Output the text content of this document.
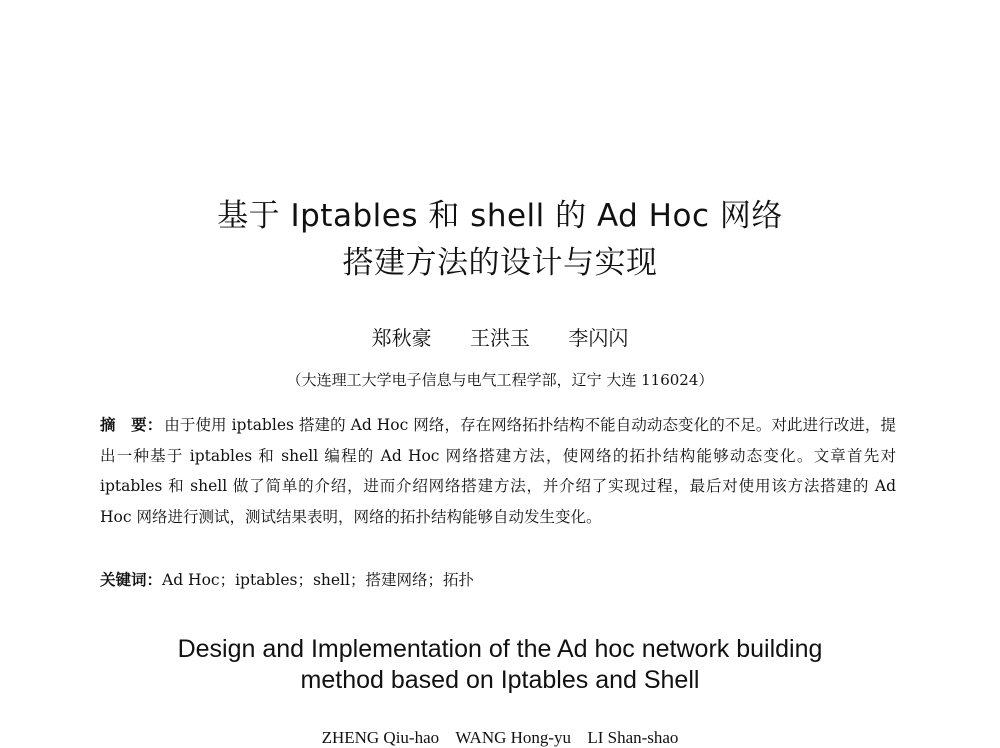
基于 Iptables 和 shell 的 Ad Hoc 网络
搭建方法的设计与实现
郑秋豪 王洪玉 李闪闪
（大连理工大学电子信息与电气工程学部，辽宁 大连 116024）
摘　要： 由于使用 iptables 搭建的 Ad Hoc 网络，存在网络拓扑结构不能自动动态变化的不足。对此进行改进，提出一种基于 iptables 和 shell 编程的 Ad Hoc 网络搭建方法，使网络的拓扑结构能够动态变化。文章首先对 iptables 和 shell 做了简单的介绍，进而介绍网络搭建方法，并介绍了实现过程，最后对使用该方法搭建的 Ad Hoc 网络进行测试，测试结果表明，网络的拓扑结构能够自动发生变化。
关键词：Ad Hoc；iptables；shell；搭建网络；拓扑
Design and Implementation of the Ad hoc network building
method based on Iptables and Shell
ZHENG Qiu-hao WANG Hong-yu LI Shan-shao
